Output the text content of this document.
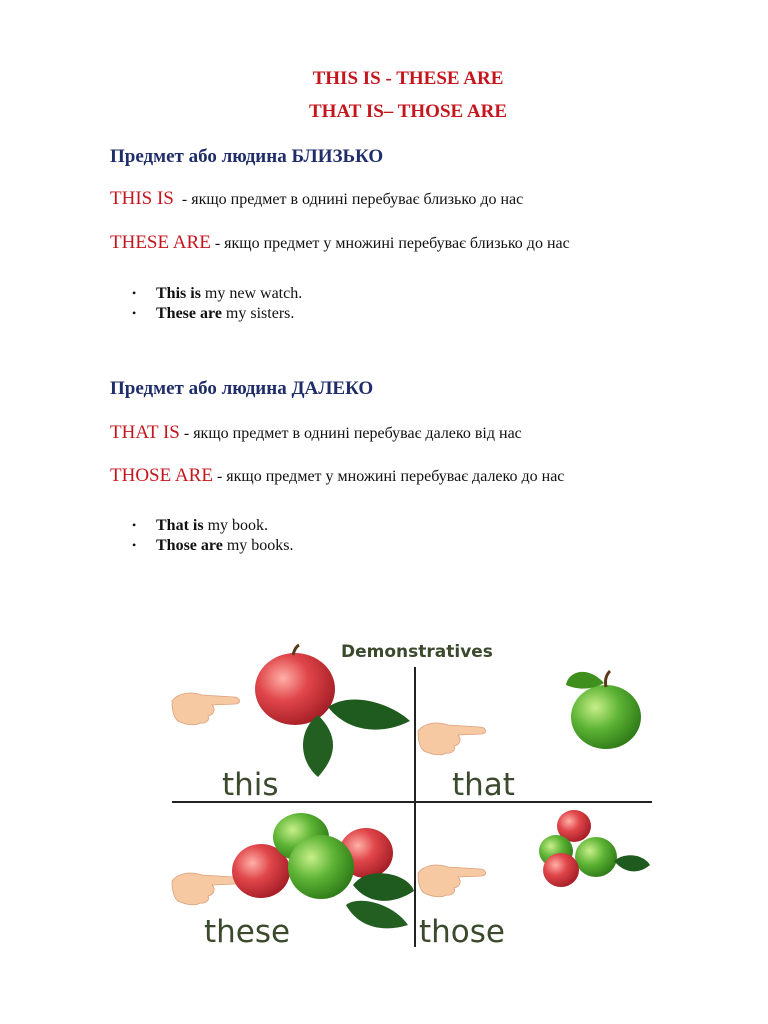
THIS IS - THESE ARE
THAT IS– THOSE ARE
Предмет або людина БЛИЗЬКО

THIS IS  - якщо предмет в однині перебуває близько до нас

THESE ARE - якщо предмет у множині перебуває близько до нас

• This is my new watch.
• These are my sisters.
Предмет або людина ДАЛЕКО

THAT IS - якщо предмет в однині перебуває далеко від нас

THOSE ARE - якщо предмет у множині перебуває далеко до нас

• That is my book.
• Those are my books.
Demonstratives
this	that
these	those
